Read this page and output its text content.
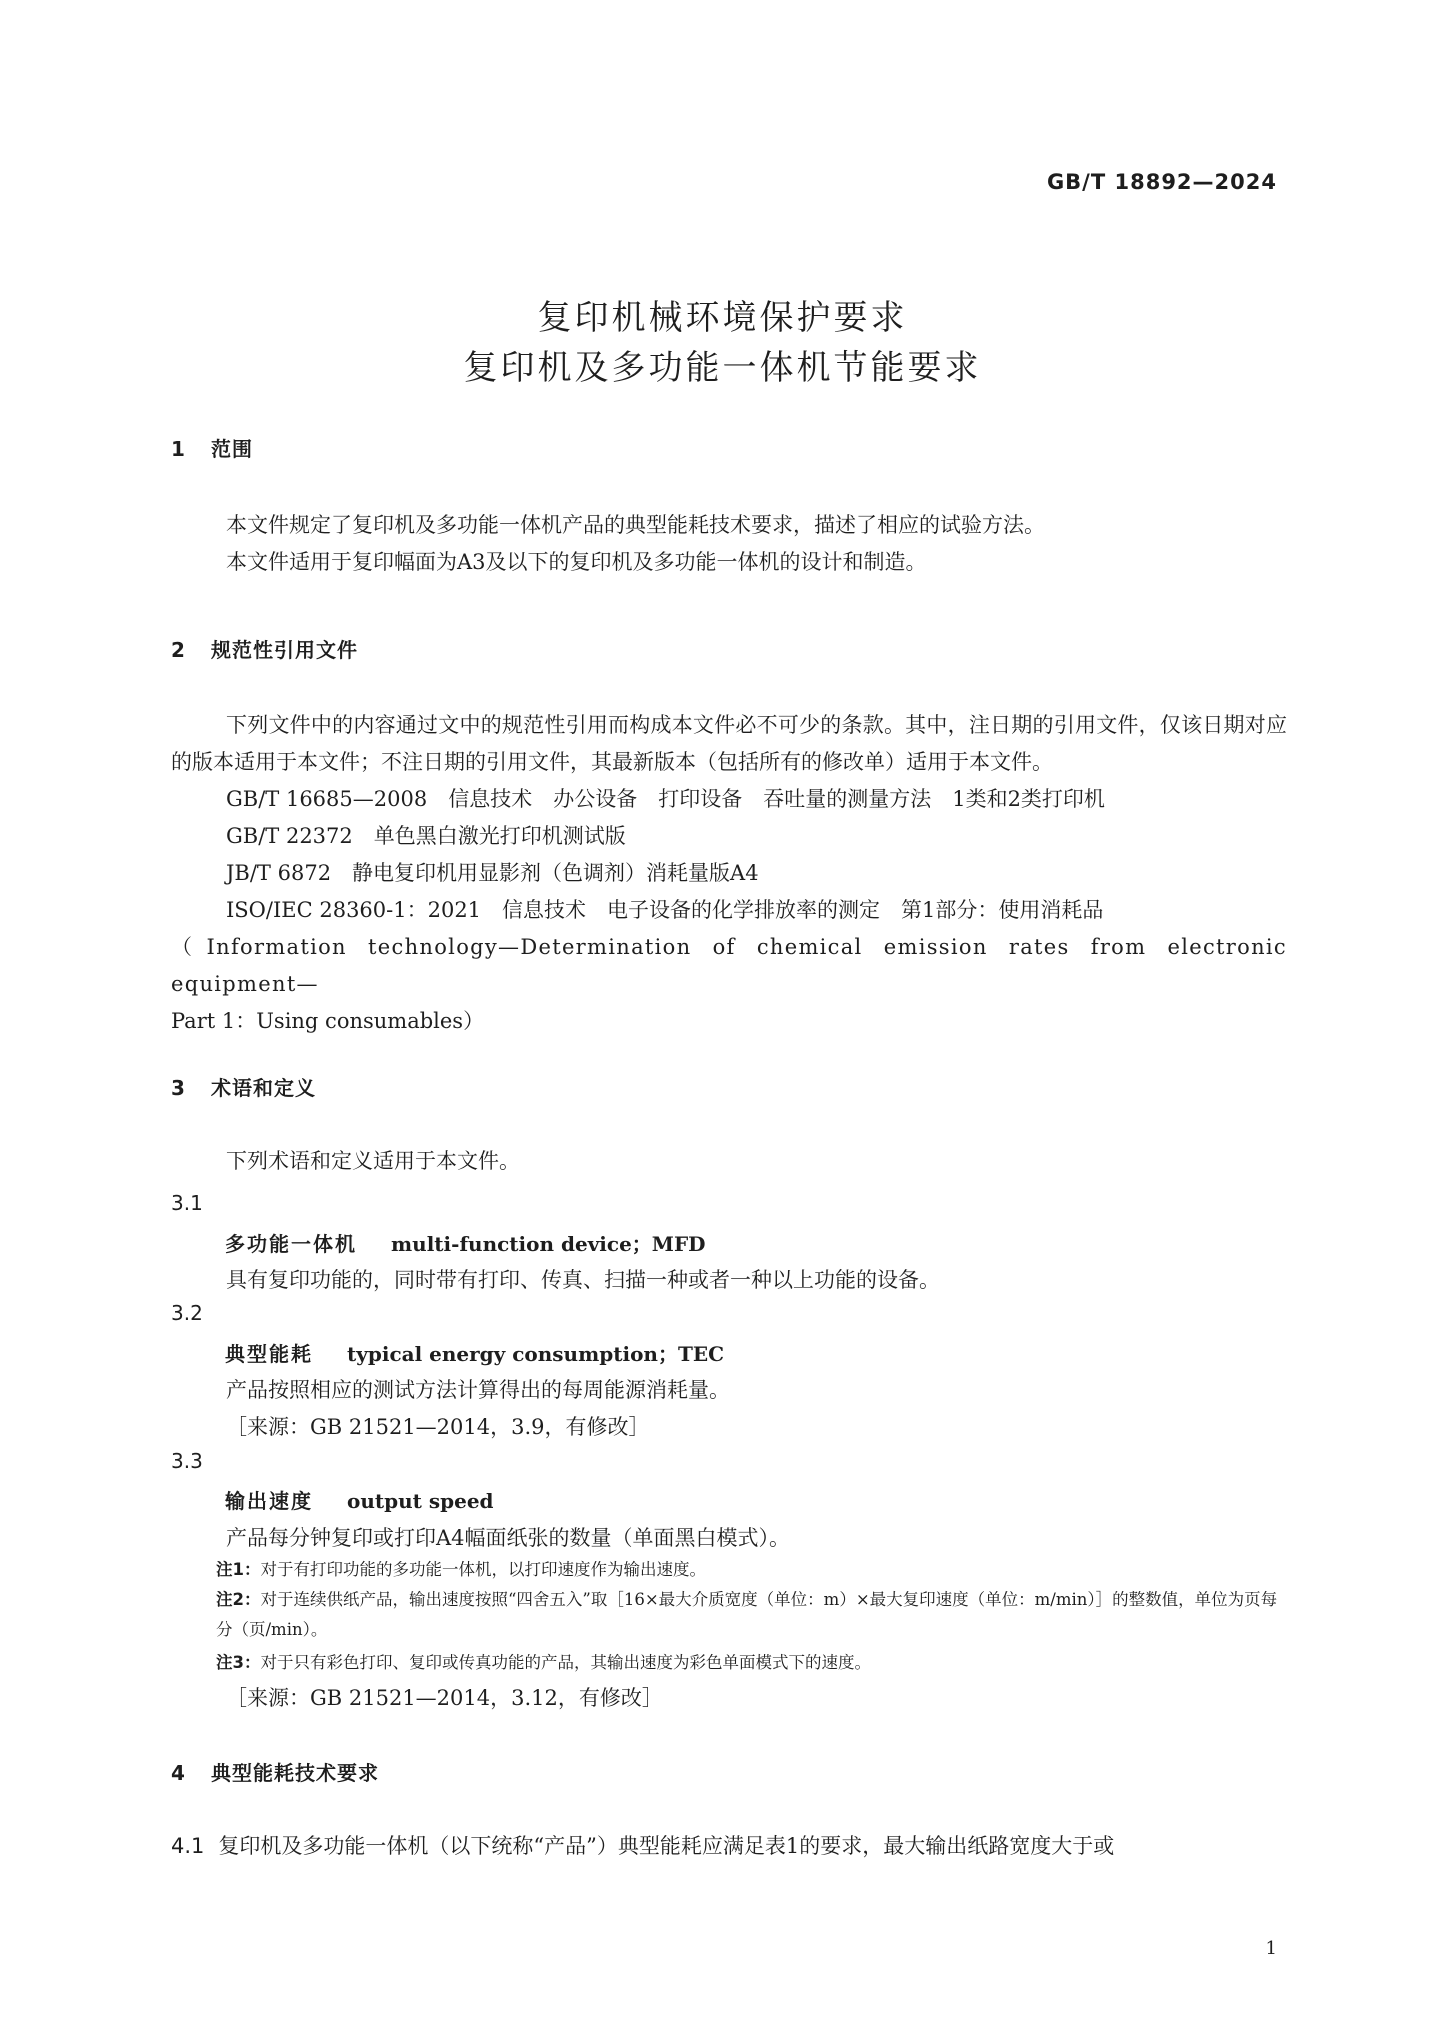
GB/T 18892—2024
复印机械环境保护要求
复印机及多功能一体机节能要求
1 范围

本文件规定了复印机及多功能一体机产品的典型能耗技术要求，描述了相应的试验方法。

本文件适用于复印幅面为A3及以下的复印机及多功能一体机的设计和制造。

2 规范性引用文件

下列文件中的内容通过文中的规范性引用而构成本文件必不可少的条款。其中，注日期的引用文件，仅该日期对应的版本适用于本文件；不注日期的引用文件，其最新版本（包括所有的修改单）适用于本文件。

GB/T 16685—2008　信息技术　办公设备　打印设备　吞吐量的测量方法　1类和2类打印机

GB/T 22372　单色黑白激光打印机测试版

JB/T 6872　静电复印机用显影剂（色调剂）消耗量版A4

ISO/IEC 28360-1：2021　信息技术　电子设备的化学排放率的测定　第1部分：使用消耗品

（Information technology—Determination of chemical emission rates from electronic equipment—

Part 1：Using consumables）

3 术语和定义

下列术语和定义适用于本文件。

3.1
多功能一体机 multi-function device；MFD
具有复印功能的，同时带有打印、传真、扫描一种或者一种以上功能的设备。
3.2
典型能耗 typical energy consumption；TEC
产品按照相应的测试方法计算得出的每周能源消耗量。
［来源：GB 21521—2014，3.9，有修改］
3.3
输出速度 output speed
产品每分钟复印或打印A4幅面纸张的数量（单面黑白模式）。
注1：对于有打印功能的多功能一体机，以打印速度作为输出速度。
注2：对于连续供纸产品，输出速度按照“四舍五入”取［16×最大介质宽度（单位：m）×最大复印速度（单位：m/min）］的整数值，单位为页每分（页/min）。
注3：对于只有彩色打印、复印或传真功能的产品，其输出速度为彩色单面模式下的速度。
［来源：GB 21521—2014，3.12，有修改］
4 典型能耗技术要求
4.1 复印机及多功能一体机（以下统称“产品”）典型能耗应满足表1的要求，最大输出纸路宽度大于或
1
